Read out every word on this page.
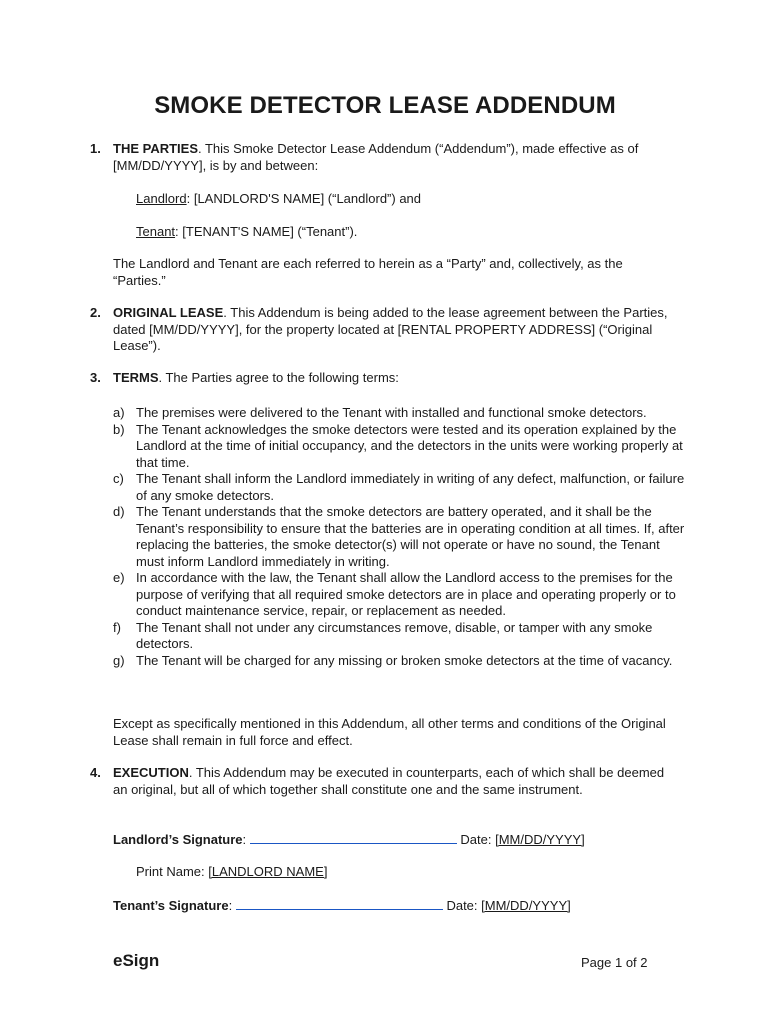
SMOKE DETECTOR LEASE ADDENDUM
1. THE PARTIES. This Smoke Detector Lease Addendum (“Addendum”), made effective as of [MM/DD/YYYY], is by and between:

Landlord: [LANDLORD'S NAME] (“Landlord”) and

Tenant: [TENANT'S NAME] (“Tenant”).

The Landlord and Tenant are each referred to herein as a “Party” and, collectively, as the “Parties.”

2. ORIGINAL LEASE. This Addendum is being added to the lease agreement between the Parties, dated [MM/DD/YYYY], for the property located at [RENTAL PROPERTY ADDRESS] (“Original Lease”).

3. TERMS. The Parties agree to the following terms:

a) The premises were delivered to the Tenant with installed and functional smoke detectors.

b) The Tenant acknowledges the smoke detectors were tested and its operation explained by the Landlord at the time of initial occupancy, and the detectors in the units were working properly at that time.

c) The Tenant shall inform the Landlord immediately in writing of any defect, malfunction, or failure of any smoke detectors.

d) The Tenant understands that the smoke detectors are battery operated, and it shall be the Tenant’s responsibility to ensure that the batteries are in operating condition at all times. If, after replacing the batteries, the smoke detector(s) will not operate or have no sound, the Tenant must inform Landlord immediately in writing.

e) In accordance with the law, the Tenant shall allow the Landlord access to the premises for the purpose of verifying that all required smoke detectors are in place and operating properly or to conduct maintenance service, repair, or replacement as needed.

f) The Tenant shall not under any circumstances remove, disable, or tamper with any smoke detectors.

g) The Tenant will be charged for any missing or broken smoke detectors at the time of vacancy.

Except as specifically mentioned in this Addendum, all other terms and conditions of the Original Lease shall remain in full force and effect.

4. EXECUTION. This Addendum may be executed in counterparts, each of which shall be deemed an original, but all of which together shall constitute one and the same instrument.

Landlord’s Signature:	Date: [MM/DD/YYYY]
Print Name: [LANDLORD NAME]
Tenant’s Signature:	Date: [MM/DD/YYYY]
eSign	Page 1 of 2
